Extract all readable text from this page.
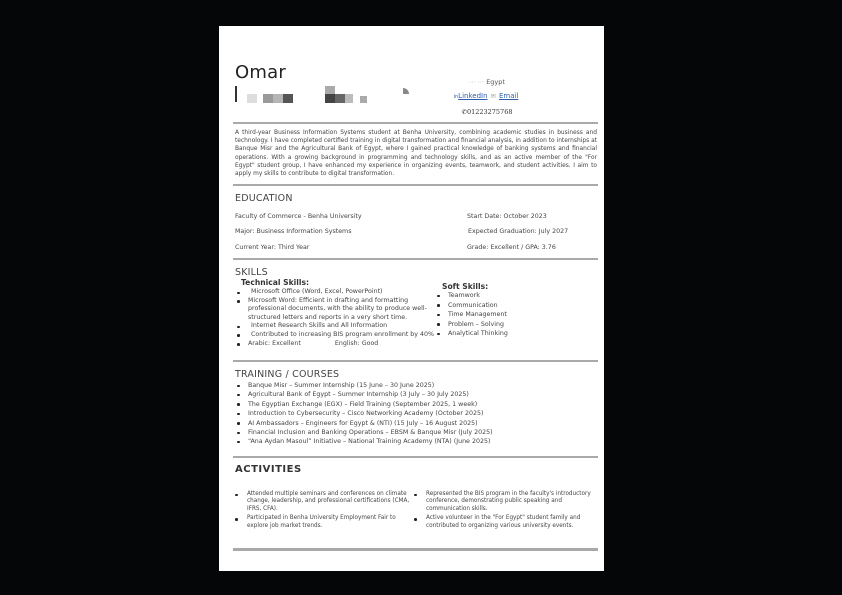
Omar	⋯ ⋯ Egypt
inLinkedIn ✉ Email
✆01223275768
A third-year Business Information Systems student at Benha University, combining academic studies in business and technology. I have completed certified training in digital transformation and financial analysis, in addition to internships at Banque Misr and the Agricultural Bank of Egypt, where I gained practical knowledge of banking systems and financial operations. With a growing background in programming and technology skills, and as an active member of the "For Egypt" student group, I have enhanced my experience in organizing events, teamwork, and student activities. I aim to apply my skills to contribute to digital transformation.
EDUCATION
Faculty of Commerce - Benha University
Major: Business Information Systems
Current Year: Third Year
Start Date: October 2023
Expected Graduation: July 2027
Grade: Excellent / GPA: 3.76
SKILLS
Technical Skills:
Microsoft Office (Word, Excel, PowerPoint)
Microsoft Word: Efficient in drafting and formatting professional documents, with the ability to produce well-structured letters and reports in a very short time.
Internet Research Skills and All Information
Contributed to increasing BIS program enrollment by 40%
Arabic: Excellent	English: Good
Soft Skills:
Teamwork
Communication
Time Management
Problem – Solving
Analytical Thinking
TRAINING / COURSES
Banque Misr – Summer Internship (15 June – 30 June 2025)
Agricultural Bank of Egypt – Summer Internship (3 July – 30 July 2025)
The Egyptian Exchange (EGX) – Field Training (September 2025, 1 week)
Introduction to Cybersecurity – Cisco Networking Academy (October 2025)
AI Ambassadors – Engineers for Egypt & (NTI) (15 July – 16 August 2025)
Financial Inclusion and Banking Operations – EBSM & Banque Misr (July 2025)
“Ana Aydan Masoul” Initiative – National Training Academy (NTA) (June 2025)
ACTIVITIES
Attended multiple seminars and conferences on climate change, leadership, and professional certifications (CMA, IFRS, CFA).
Participated in Benha University Employment Fair to explore job market trends.
Represented the BIS program in the faculty's introductory conference, demonstrating public speaking and communication skills.
Active volunteer in the "For Egypt" student family and contributed to organizing various university events.
